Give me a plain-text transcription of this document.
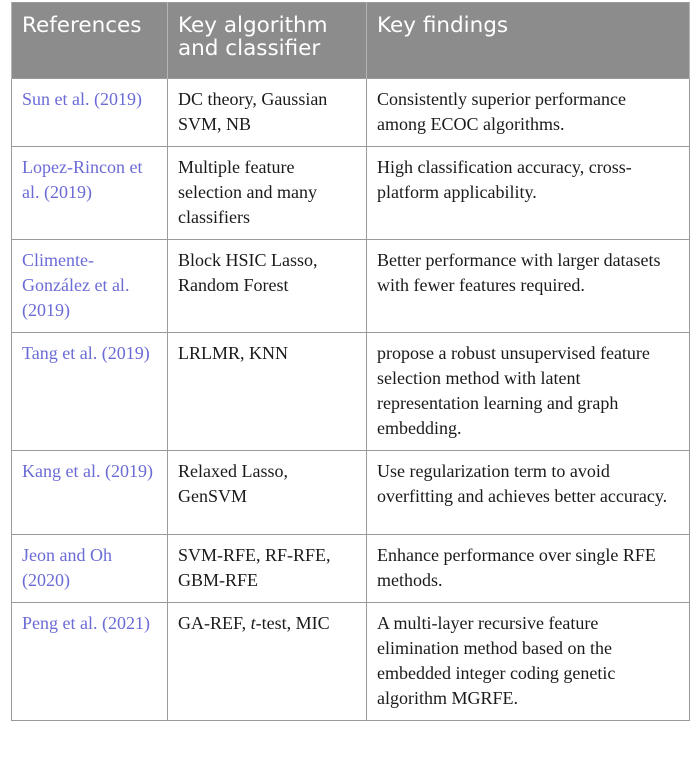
References	Key algorithm and classifier	Key findings
Sun et al. (2019)	DC theory, Gaussian SVM, NB	Consistently superior performance among ECOC algorithms.
Lopez-Rincon et al. (2019)	Multiple feature selection and many classifiers	High classification accuracy, cross-platform applicability.
Climente-González et al. (2019)	Block HSIC Lasso, Random Forest	Better performance with larger datasets with fewer features required.
Tang et al. (2019)	LRLMR, KNN	propose a robust unsupervised feature selection method with latent representation learning and graph embedding.
Kang et al. (2019)	Relaxed Lasso, GenSVM	Use regularization term to avoid overfitting and achieves better accuracy.
Jeon and Oh (2020)	SVM-RFE, RF-RFE, GBM-RFE	Enhance performance over single RFE methods.
Peng et al. (2021)	GA-REF, t-test, MIC	A multi-layer recursive feature elimination method based on the embedded integer coding genetic algorithm MGRFE.
